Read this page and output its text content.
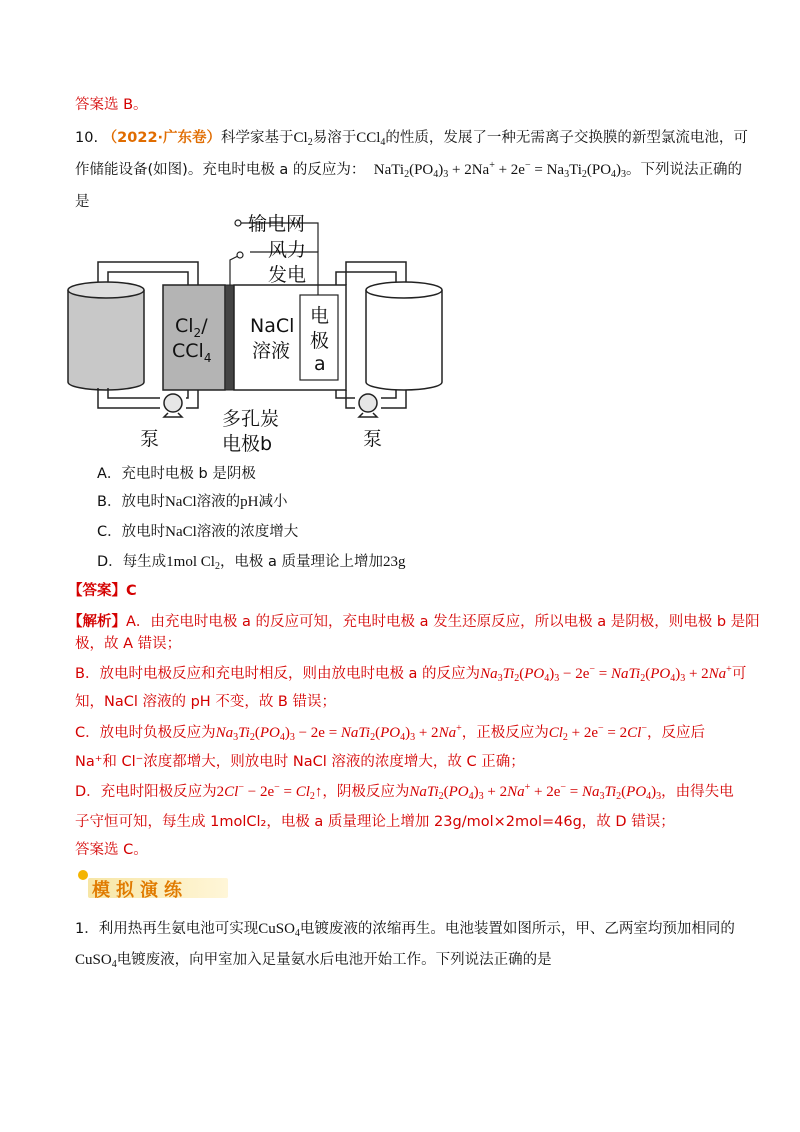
答案选 B。
10. （2022·广东卷）科学家基于$Cl_2$易溶于CCl$_4$的性质，发展了一种无需离子交换膜的新型氯流电池，可
作储能设备(如图)。充电时电极 a 的反应为：  $NaTi_2(PO_4)_3 + 2Na^+ + 2e^- = Na_3Ti_2(PO_4)_3$。下列说法正确的
是
输电网
风力
发电
$Cl_2/$
CCl$_4$
NaCl
溶液
电
极
a
多孔炭
电极b
泵	泵
A．充电时电极 b 是阴极
B．放电时NaCl溶液的pH减小
C．放电时NaCl溶液的浓度增大
D．每生成1mol $Cl_2$，电极 a 质量理论上增加23g
【答案】C
【解析】A．由充电时电极 a 的反应可知，充电时电极 a 发生还原反应，所以电极 a 是阴极，则电极 b 是阳
极，故 A 错误；
B．放电时电极反应和充电时相反，则由放电时电极 a 的反应为$Na_3Ti_2(PO_4)_3 - 2e^-$ = $NaTi_2(PO_4)_3 + 2Na^+$可
知，NaCl 溶液的 pH 不变，故 B 错误；
C．放电时负极反应为$Na_3Ti_2(PO_4)_3 - 2e$ = $NaTi_2(PO_4)_3 + 2Na^+$，正极反应为$Cl_2 + 2e^- = 2Cl^-$，反应后
Na⁺和 Cl⁻浓度都增大，则放电时 NaCl 溶液的浓度增大，故 C 正确；
D．充电时阳极反应为$2Cl^- - 2e^- = Cl_2↑$，阴极反应为$NaTi_2(PO_4)_3 + 2Na^+ + 2e^- = Na_3Ti_2(PO_4)_3$，由得失电
子守恒可知，每生成 1molCl₂，电极 a 质量理论上增加 23g/mol×2mol=46g，故 D 错误；
答案选 C。
模拟演练
1．利用热再生氨电池可实现CuSO$_4$电镀废液的浓缩再生。电池装置如图所示，甲、乙两室均预加相同的
CuSO$_4$电镀废液，向甲室加入足量氨水后电池开始工作。下列说法正确的是
